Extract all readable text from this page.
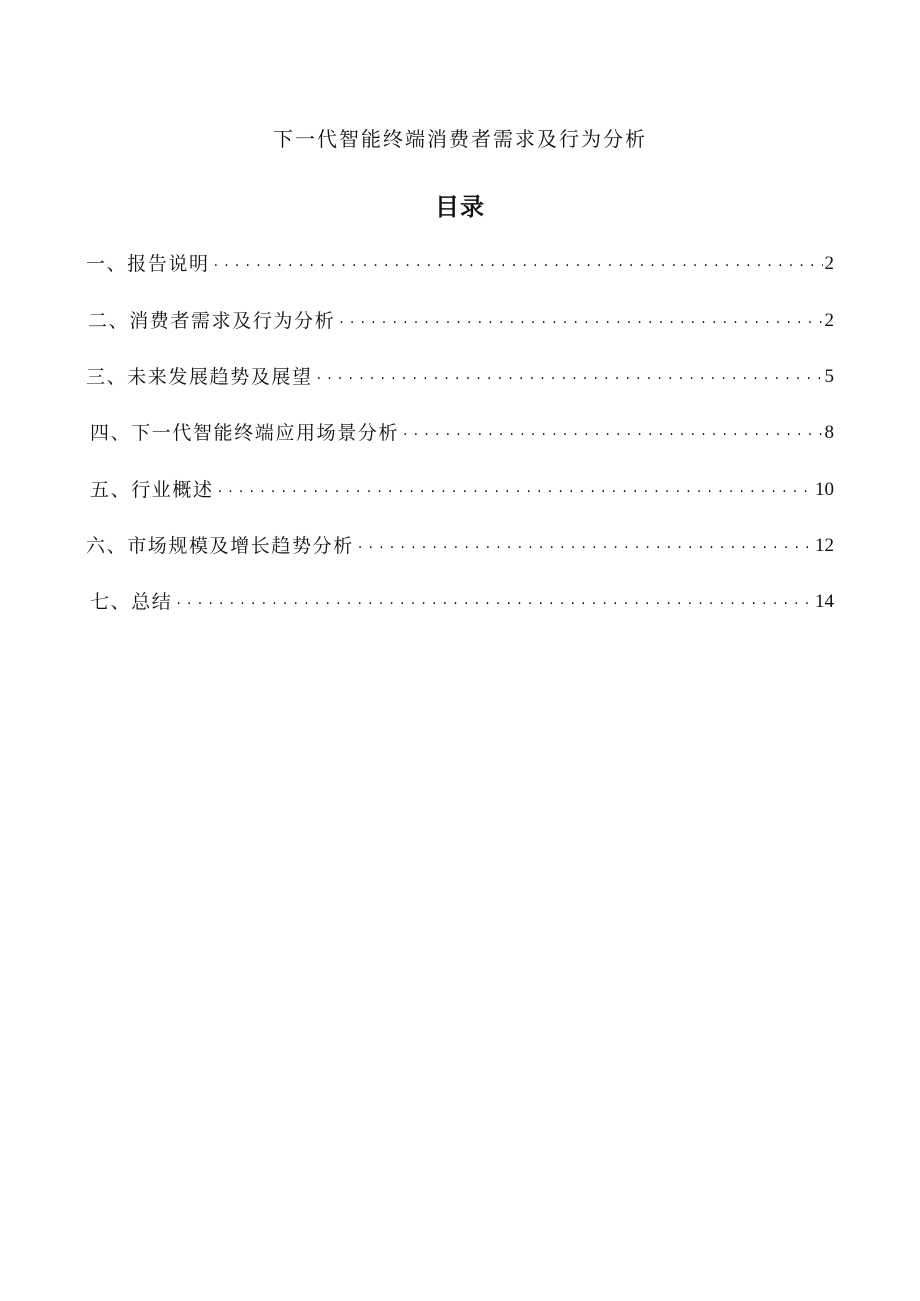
下一代智能终端消费者需求及行为分析
目录
一、报告说明 .....	2
二、消费者需求及行为分析 .....	2
三、未来发展趋势及展望 .....	5
四、下一代智能终端应用场景分析 .....	8
五、行业概述 .....	10
六、市场规模及增长趋势分析 .....	12
七、总结 .....	14
